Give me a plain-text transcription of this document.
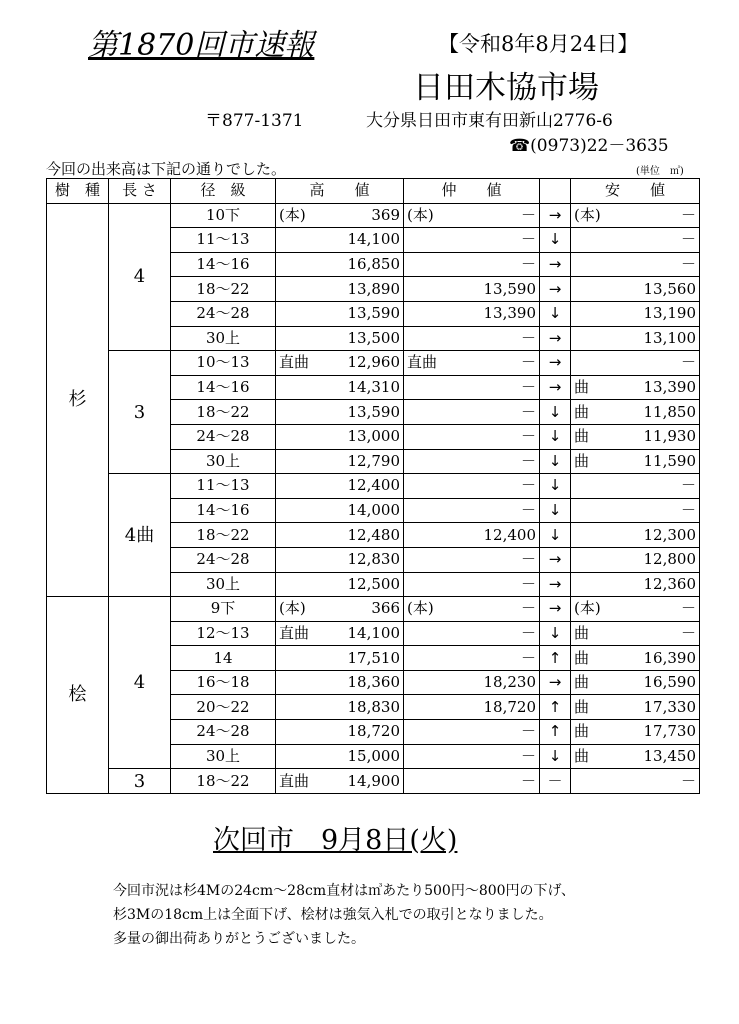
第1870回市速報	【令和8年8月24日】
日田木協市場
〒877-1371	大分県日田市東有田新山2776-6
☎(0973)22－3635
今回の出来高は下記の通りでした。	(単位　㎥)
樹　種	長 さ	径　級	高　　値	仲　　値		安　　値
杉	4	10下	(本) 369	(本) －	→	(本) －

		11～13	14,100	－	↓	－

		14～16	16,850	－	→	－

		18～22	13,890	13,590	→	13,560

		24～28	13,590	13,390	↓	13,190

		30上	13,500	－	→	13,100

	3	10～13	直曲 12,960	直曲 －	→	－

		14～16	14,310	－	→	曲 13,390

		18～22	13,590	－	↓	曲 11,850

		24～28	13,000	－	↓	曲 11,930

		30上	12,790	－	↓	曲 11,590

	4曲	11～13	12,400	－	↓	－

		14～16	14,000	－	↓	－

		18～22	12,480	12,400	↓	12,300

		24～28	12,830	－	→	12,800

		30上	12,500	－	→	12,360

桧	4	9下	(本) 366	(本) －	→	(本) －

		12～13	直曲 14,100	－	↓	曲 －

		14	17,510	－	↑	曲 16,390

		16～18	18,360	18,230	→	曲 16,590

		20～22	18,830	18,720	↑	曲 17,330

		24～28	18,720	－	↑	曲 17,730

		30上	15,000	－	↓	曲 13,450

	3	18～22	直曲 14,900	－	－	－
次回市　9月8日(火)
今回市況は杉4Mの24cm～28cm直材は㎥あたり500円～800円の下げ、
杉3Mの18cm上は全面下げ、桧材は強気入札での取引となりました。
多量の御出荷ありがとうございました。
